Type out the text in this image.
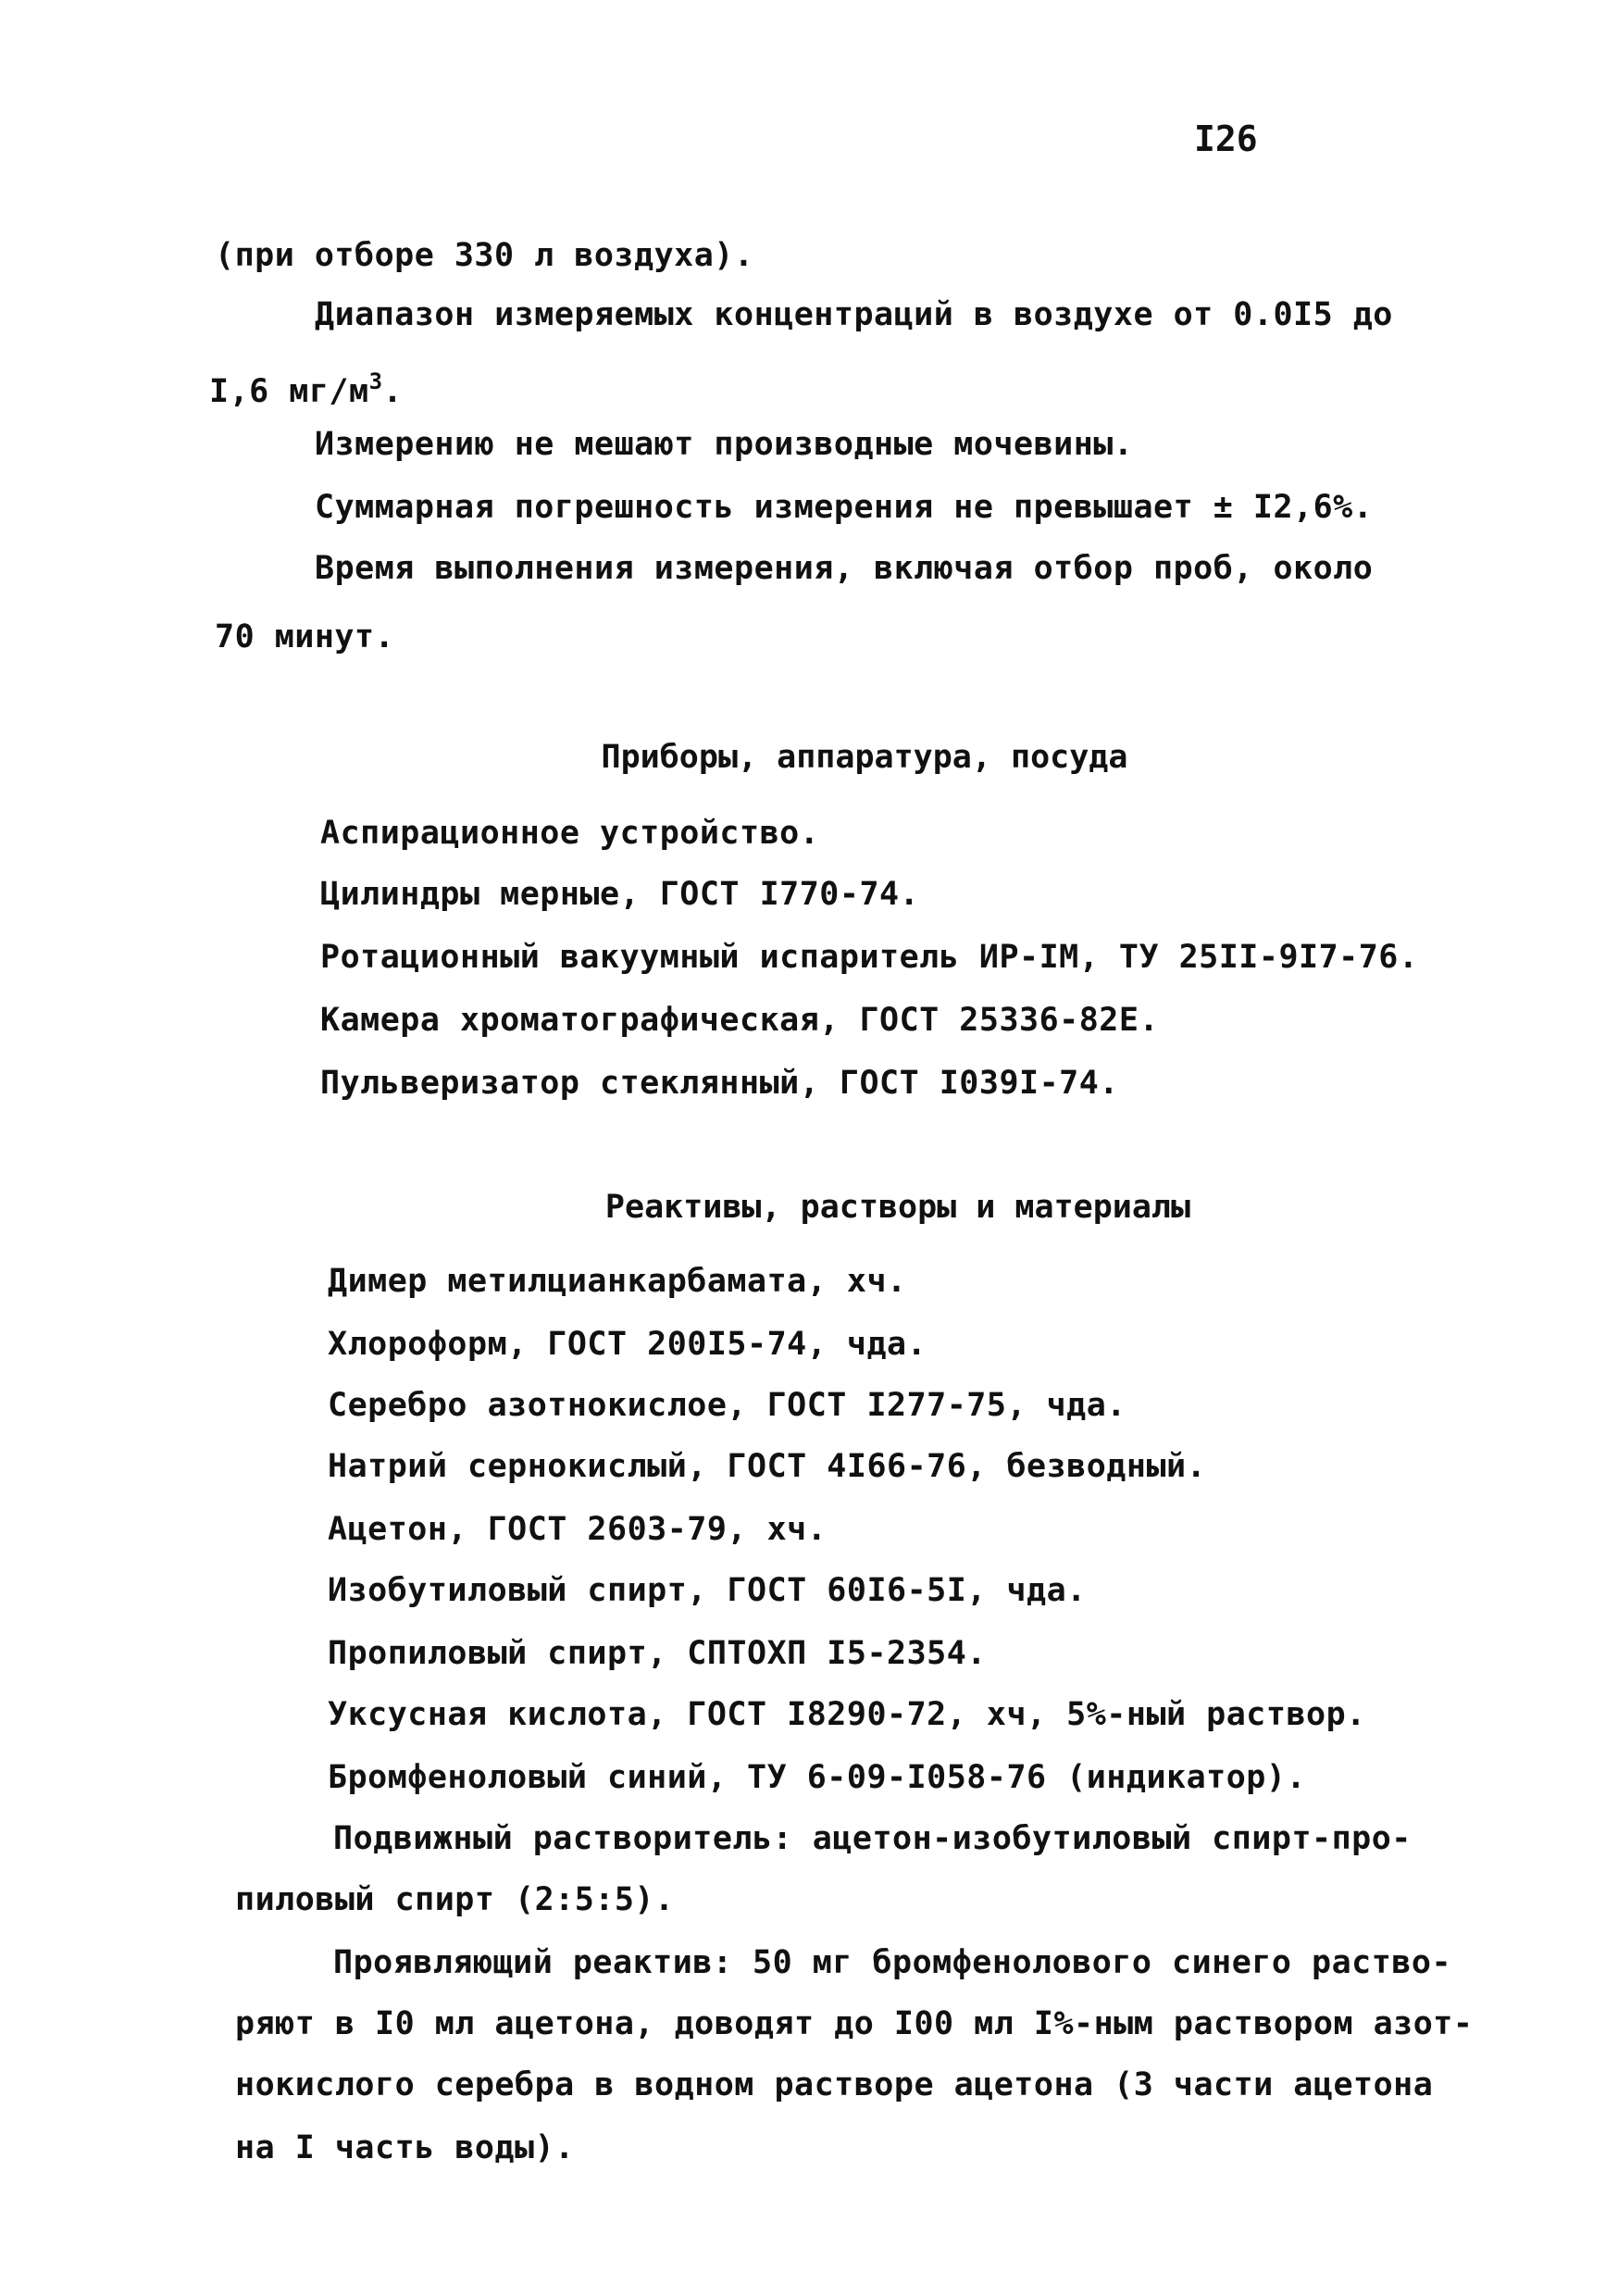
I26
(при отборе 330 л воздуха).
Диапазон измеряемых концентраций в воздухе от 0.0I5 до
I,6 $мг/м^3$.
Измерению не мешают производные мочевины.
Суммарная погрешность измерения не превышает ± I2,6%.
Время выполнения измерения, включая отбор проб, около
70 минут.
Приборы, аппаратура, посуда
Аспирационное устройство.
Цилиндры мерные, ГОСТ I770-74.
Ротационный вакуумный испаритель ИР-IМ, ТУ 25II-9I7-76.
Камера хроматографическая, ГОСТ 25336-82Е.
Пульверизатор стеклянный, ГОСТ I039I-74.
Реактивы, растворы и материалы
Димер метилцианкарбамата, хч.
Хлороформ, ГОСТ 200I5-74, чда.
Серебро азотнокислое, ГОСТ I277-75, чда.
Натрий сернокислый, ГОСТ 4I66-76, безводный.
Ацетон, ГОСТ 2603-79, хч.
Изобутиловый спирт, ГОСТ 60I6-5I, чда.
Пропиловый спирт, СПТОХП I5-2354.
Уксусная кислота, ГОСТ I8290-72, хч, 5%-ный раствор.
Бромфеноловый синий, ТУ 6-09-I058-76 (индикатор).
Подвижный растворитель: ацетон-изобутиловый спирт-про-
пиловый спирт (2:5:5).
Проявляющий реактив: 50 мг бромфенолового синего раство-
ряют в I0 мл ацетона, доводят до I00 мл I%-ным раствором азот-
нокислого серебра в водном растворе ацетона (3 части ацетона
на I часть воды).
